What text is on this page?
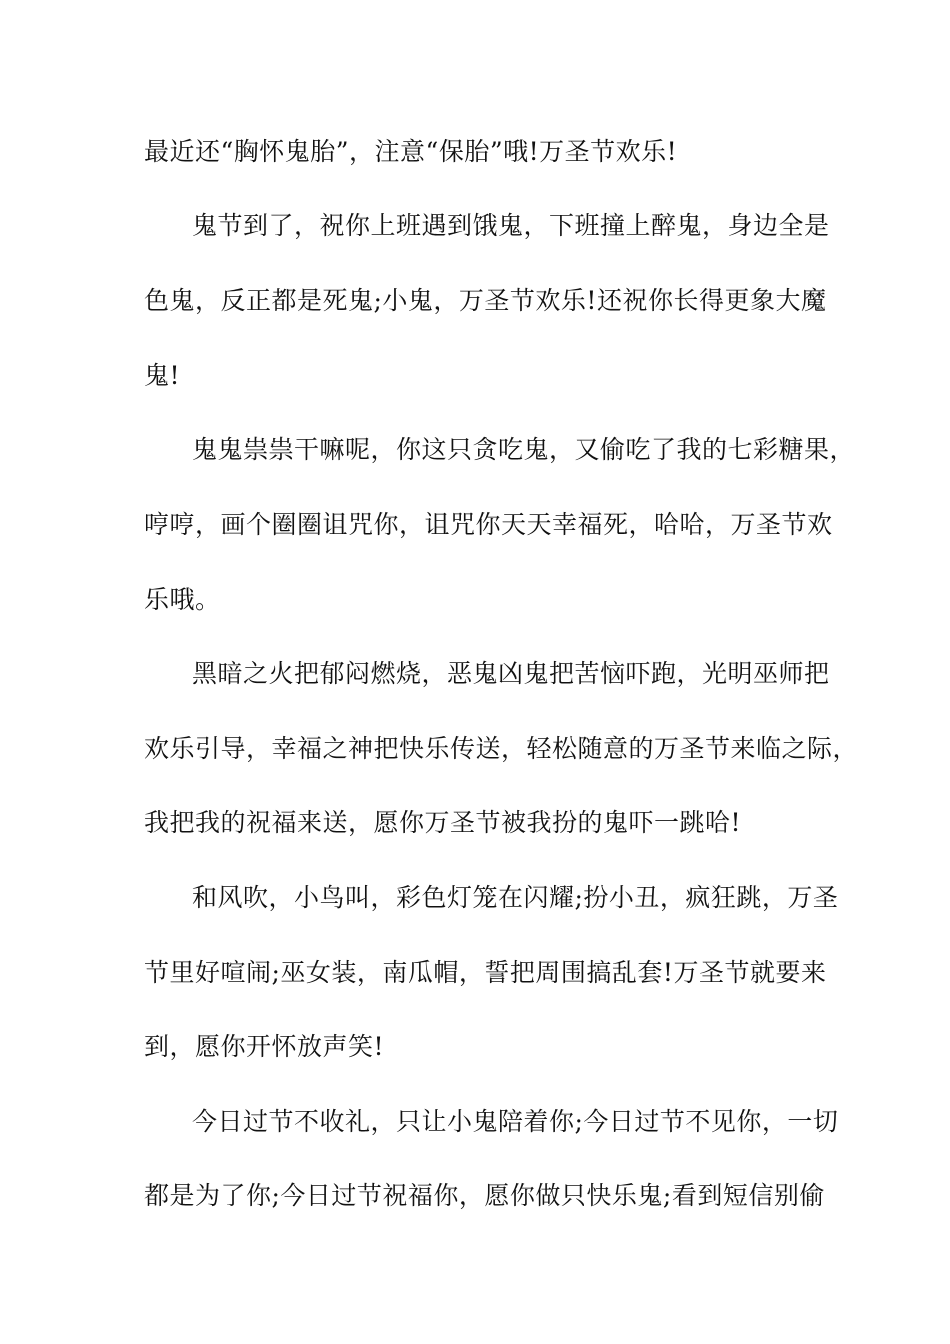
最近还“胸怀鬼胎”，注意“保胎”哦!万圣节欢乐!
鬼节到了，祝你上班遇到饿鬼，下班撞上醉鬼，身边全是
色鬼，反正都是死鬼;小鬼，万圣节欢乐!还祝你长得更象大魔
鬼!
鬼鬼祟祟干嘛呢，你这只贪吃鬼，又偷吃了我的七彩糖果，
哼哼，画个圈圈诅咒你，诅咒你天天幸福死，哈哈，万圣节欢
乐哦。
黑暗之火把郁闷燃烧，恶鬼凶鬼把苦恼吓跑，光明巫师把
欢乐引导，幸福之神把快乐传送，轻松随意的万圣节来临之际，
我把我的祝福来送，愿你万圣节被我扮的鬼吓一跳哈!
和风吹，小鸟叫，彩色灯笼在闪耀;扮小丑，疯狂跳，万圣
节里好喧闹;巫女装，南瓜帽，誓把周围搞乱套!万圣节就要来
到，愿你开怀放声笑!
今日过节不收礼，只让小鬼陪着你;今日过节不见你，一切
都是为了你;今日过节祝福你，愿你做只快乐鬼;看到短信别偷
